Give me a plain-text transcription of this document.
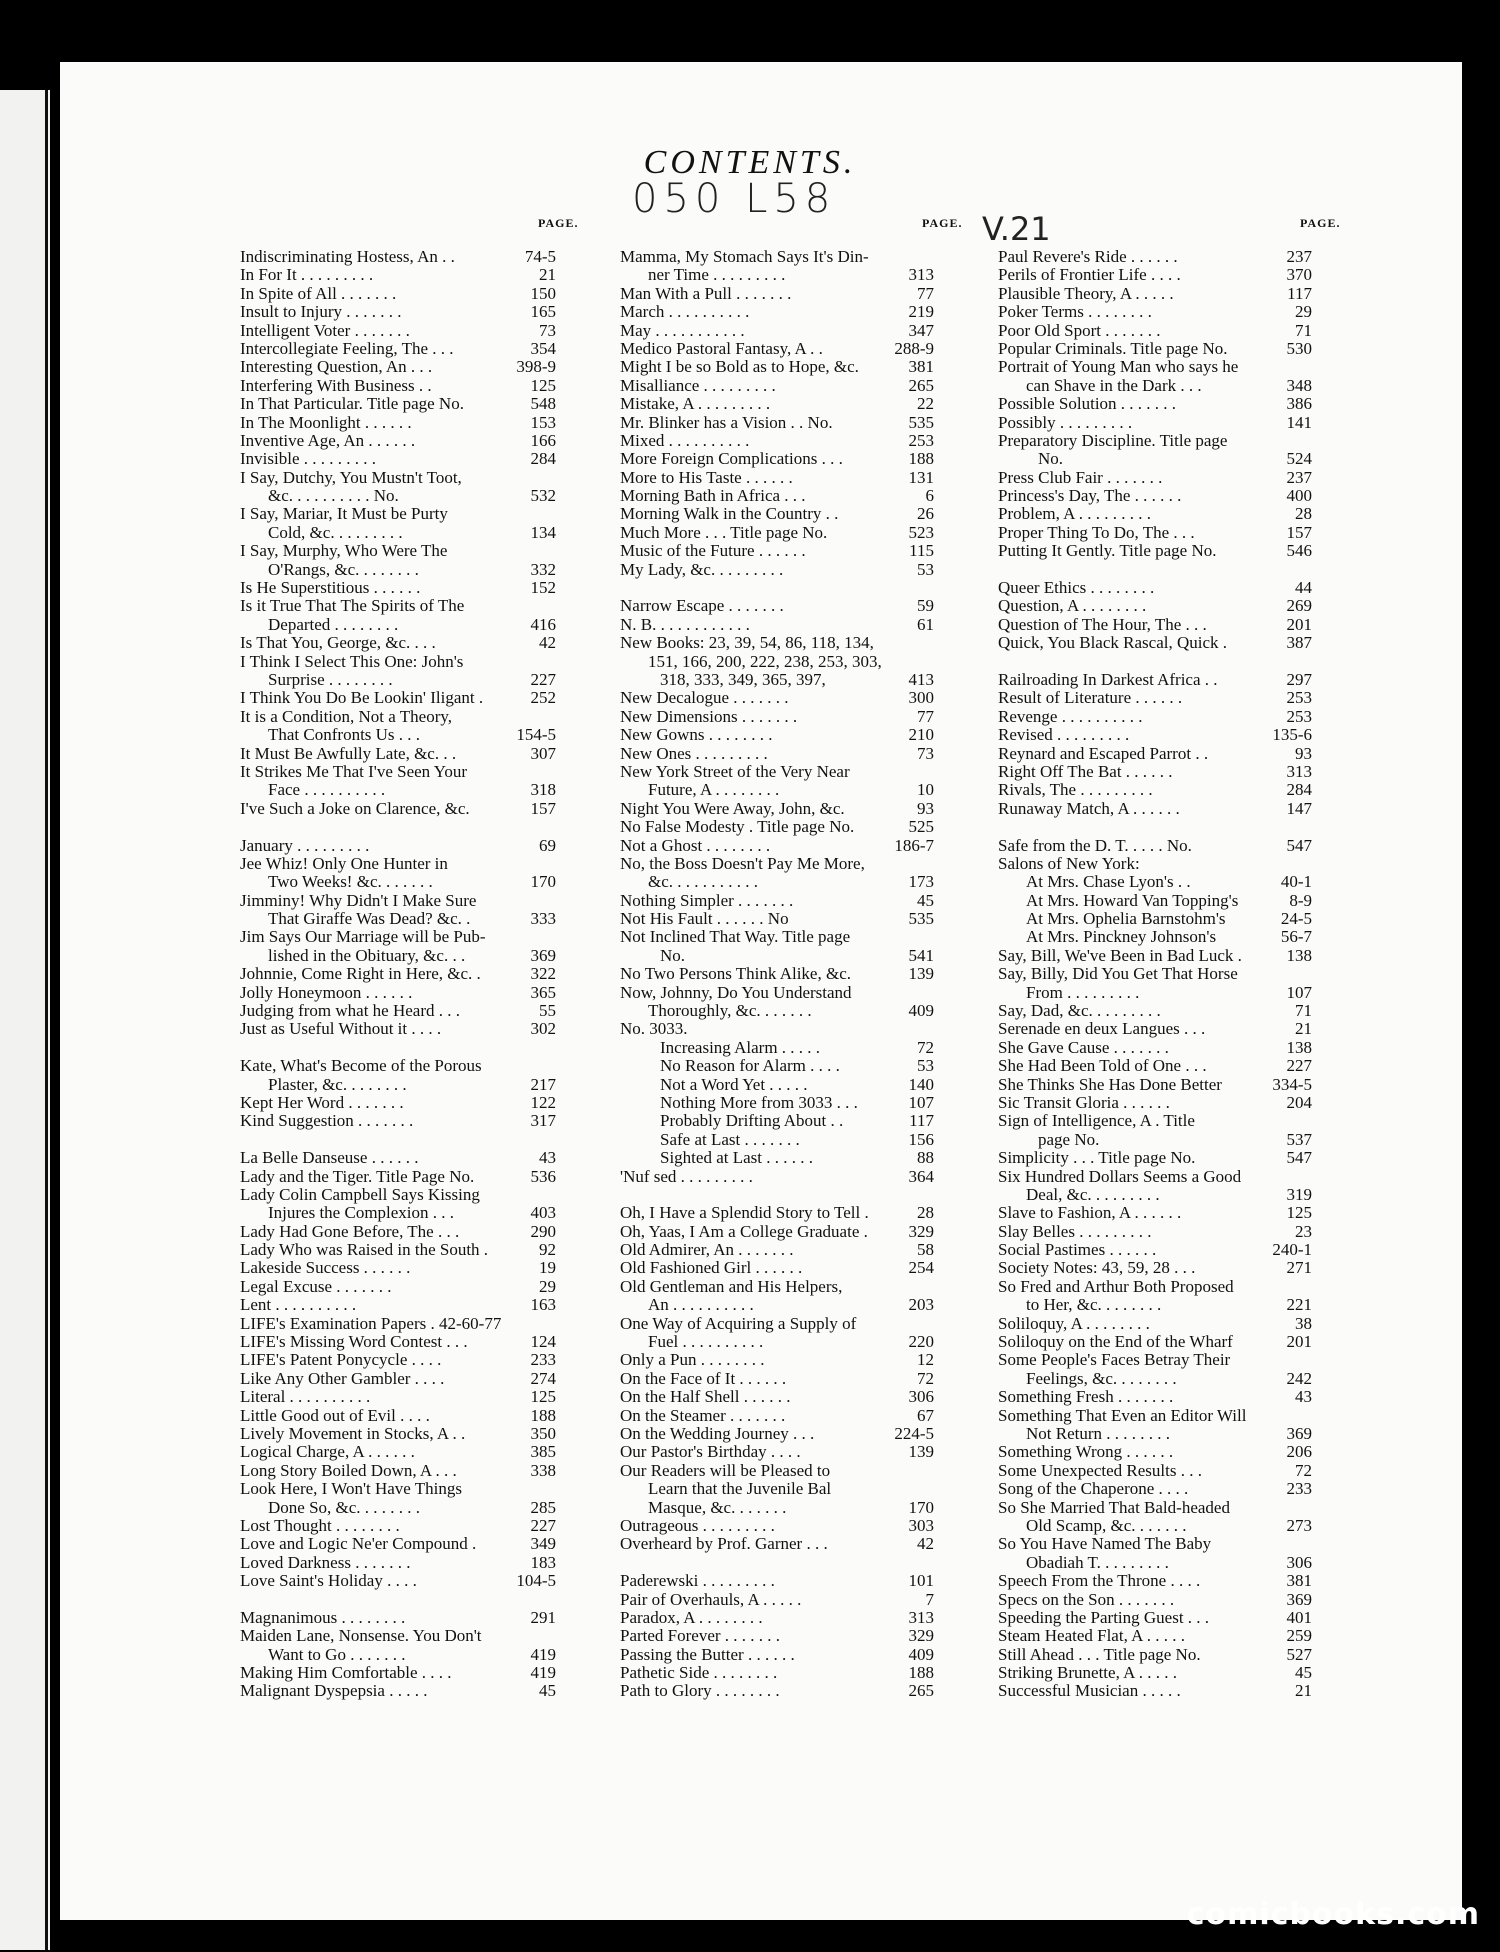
CONTENTS.
050 L58
V.21
PAGE.	PAGE.	PAGE.
Indiscriminating Hostess, An . .	74-5
In For It . . . . . . . . .	21
In Spite of All . . . . . . .	150
Insult to Injury . . . . . . .	165
Intelligent Voter . . . . . . .	73
Intercollegiate Feeling, The . . .	354
Interesting Question, An . . .	398-9
Interfering With Business . .	125
In That Particular. Title page No.	548
In The Moonlight . . . . . .	153
Inventive Age, An . . . . . .	166
Invisible . . . . . . . . .	284
I Say, Dutchy, You Mustn't Toot,
&c. . . . . . . . . . No.	532
I Say, Mariar, It Must be Purty
Cold, &c. . . . . . . . .	134
I Say, Murphy, Who Were The
O'Rangs, &c. . . . . . . .	332
Is He Superstitious . . . . . .	152
Is it True That The Spirits of The
Departed . . . . . . . .	416
Is That You, George, &c. . . .	42
I Think I Select This One: John's
Surprise . . . . . . . .	227
I Think You Do Be Lookin' Iligant .	252
It is a Condition, Not a Theory,
That Confronts Us . . .	154-5
It Must Be Awfully Late, &c. . .	307
It Strikes Me That I've Seen Your
Face . . . . . . . . . .	318
I've Such a Joke on Clarence, &c.	157
January . . . . . . . . .	69
Jee Whiz! Only One Hunter in
Two Weeks! &c. . . . . . .	170
Jimminy! Why Didn't I Make Sure
That Giraffe Was Dead? &c. .	333
Jim Says Our Marriage will be Pub-
lished in the Obituary, &c. . .	369
Johnnie, Come Right in Here, &c. .	322
Jolly Honeymoon . . . . . .	365
Judging from what he Heard . . .	55
Just as Useful Without it . . . .	302
Kate, What's Become of the Porous
Plaster, &c. . . . . . . .	217
Kept Her Word . . . . . . .	122
Kind Suggestion . . . . . . .	317
La Belle Danseuse . . . . . .	43
Lady and the Tiger. Title Page No.	536
Lady Colin Campbell Says Kissing
Injures the Complexion . . .	403
Lady Had Gone Before, The . . .	290
Lady Who was Raised in the South .	92
Lakeside Success . . . . . .	19
Legal Excuse . . . . . . .	29
Lent . . . . . . . . . .	163
LIFE's Examination Papers . 42-60-77
LIFE's Missing Word Contest . . .	124
LIFE's Patent Ponycycle . . . .	233
Like Any Other Gambler . . . .	274
Literal . . . . . . . . . .	125
Little Good out of Evil . . . .	188
Lively Movement in Stocks, A . .	350
Logical Charge, A . . . . . .	385
Long Story Boiled Down, A . . .	338
Look Here, I Won't Have Things
Done So, &c. . . . . . . .	285
Lost Thought . . . . . . . .	227
Love and Logic Ne'er Compound .	349
Loved Darkness . . . . . . .	183
Love Saint's Holiday . . . .	104-5
Magnanimous . . . . . . . .	291
Maiden Lane, Nonsense. You Don't
Want to Go . . . . . . .	419
Making Him Comfortable . . . .	419
Malignant Dyspepsia . . . . .	45
Mamma, My Stomach Says It's Din-
ner Time . . . . . . . . .	313
Man With a Pull . . . . . . .	77
March . . . . . . . . . .	219
May . . . . . . . . . . .	347
Medico Pastoral Fantasy, A . .	288-9
Might I be so Bold as to Hope, &c.	381
Misalliance . . . . . . . . .	265
Mistake, A . . . . . . . . .	22
Mr. Blinker has a Vision . . No.	535
Mixed . . . . . . . . . .	253
More Foreign Complications . . .	188
More to His Taste . . . . . .	131
Morning Bath in Africa . . .	6
Morning Walk in the Country . .	26
Much More . . . Title page No.	523
Music of the Future . . . . . .	115
My Lady, &c. . . . . . . . .	53
Narrow Escape . . . . . . .	59
N. B. . . . . . . . . . . .	61
New Books: 23, 39, 54, 86, 118, 134,
151, 166, 200, 222, 238, 253, 303,
318, 333, 349, 365, 397,	413
New Decalogue . . . . . . .	300
New Dimensions . . . . . . .	77
New Gowns . . . . . . . .	210
New Ones . . . . . . . . .	73
New York Street of the Very Near
Future, A . . . . . . . .	10
Night You Were Away, John, &c.	93
No False Modesty . Title page No.	525
Not a Ghost . . . . . . . .	186-7
No, the Boss Doesn't Pay Me More,
&c. . . . . . . . . . .	173
Nothing Simpler . . . . . . .	45
Not His Fault . . . . . . No	535
Not Inclined That Way. Title page
No.	541
No Two Persons Think Alike, &c.	139
Now, Johnny, Do You Understand
Thoroughly, &c. . . . . . .	409
No. 3033.
Increasing Alarm . . . . .	72
No Reason for Alarm . . . .	53
Not a Word Yet . . . . .	140
Nothing More from 3033 . . .	107
Probably Drifting About . .	117
Safe at Last . . . . . . .	156
Sighted at Last . . . . . .	88
'Nuf sed . . . . . . . . .	364
Oh, I Have a Splendid Story to Tell .	28
Oh, Yaas, I Am a College Graduate . 329
Old Admirer, An . . . . . . .	58
Old Fashioned Girl . . . . . .	254
Old Gentleman and His Helpers,
An . . . . . . . . . .	203
One Way of Acquiring a Supply of
Fuel . . . . . . . . . .	220
Only a Pun . . . . . . . .	12
On the Face of It . . . . . .	72
On the Half Shell . . . . . .	306
On the Steamer . . . . . . .	67
On the Wedding Journey . . .	224-5
Our Pastor's Birthday . . . .	139
Our Readers will be Pleased to
Learn that the Juvenile Bal
Masque, &c. . . . . . .	170
Outrageous . . . . . . . . .	303
Overheard by Prof. Garner . . .	42
Paderewski . . . . . . . . .	101
Pair of Overhauls, A . . . . .	7
Paradox, A . . . . . . . .	313
Parted Forever . . . . . . .	329
Passing the Butter . . . . . .	409
Pathetic Side . . . . . . . .	188
Path to Glory . . . . . . . .	265
Paul Revere's Ride . . . . . .	237
Perils of Frontier Life . . . .	370
Plausible Theory, A . . . . .	117
Poker Terms . . . . . . . .	29
Poor Old Sport . . . . . . .	71
Popular Criminals. Title page No.	530
Portrait of Young Man who says he
can Shave in the Dark . . .	348
Possible Solution . . . . . . .	386
Possibly . . . . . . . . .	141
Preparatory Discipline. Title page
No.	524
Press Club Fair . . . . . . .	237
Princess's Day, The . . . . . .	400
Problem, A . . . . . . . . .	28
Proper Thing To Do, The . . .	157
Putting It Gently. Title page No.	546
Queer Ethics . . . . . . . .	44
Question, A . . . . . . . .	269
Question of The Hour, The . . .	201
Quick, You Black Rascal, Quick .	387
Railroading In Darkest Africa . .	297
Result of Literature . . . . . .	253
Revenge . . . . . . . . . .	253
Revised . . . . . . . . .	135-6
Reynard and Escaped Parrot . .	93
Right Off The Bat . . . . . .	313
Rivals, The . . . . . . . . .	284
Runaway Match, A . . . . . .	147
Safe from the D. T. . . . . No.	547
Salons of New York:
At Mrs. Chase Lyon's . .	40-1
At Mrs. Howard Van Topping's	8-9
At Mrs. Ophelia Barnstohm's	24-5
At Mrs. Pinckney Johnson's	56-7
Say, Bill, We've Been in Bad Luck .	138
Say, Billy, Did You Get That Horse
From . . . . . . . . .	107
Say, Dad, &c. . . . . . . . .	71
Serenade en deux Langues . . .	21
She Gave Cause . . . . . . .	138
She Had Been Told of One . . .	227
She Thinks She Has Done Better	334-5
Sic Transit Gloria . . . . . .	204
Sign of Intelligence, A . Title
page No.	537
Simplicity . . . Title page No.	547
Six Hundred Dollars Seems a Good
Deal, &c. . . . . . . . .	319
Slave to Fashion, A . . . . . .	125
Slay Belles . . . . . . . . .	23
Social Pastimes . . . . . .	240-1
Society Notes: 43, 59, 28 . . .	271
So Fred and Arthur Both Proposed
to Her, &c. . . . . . . .	221
Soliloquy, A . . . . . . . .	38
Soliloquy on the End of the Wharf	201
Some People's Faces Betray Their
Feelings, &c. . . . . . . .	242
Something Fresh . . . . . . .	43
Something That Even an Editor Will
Not Return . . . . . . . .	369
Something Wrong . . . . . .	206
Some Unexpected Results . . .	72
Song of the Chaperone . . . .	233
So She Married That Bald-headed
Old Scamp, &c. . . . . . .	273
So You Have Named The Baby
Obadiah T. . . . . . . . .	306
Speech From the Throne . . . .	381
Specs on the Son . . . . . . .	369
Speeding the Parting Guest . . .	401
Steam Heated Flat, A . . . . .	259
Still Ahead . . . Title page No.	527
Striking Brunette, A . . . . .	45
Successful Musician . . . . .	21
comicbooks.com
